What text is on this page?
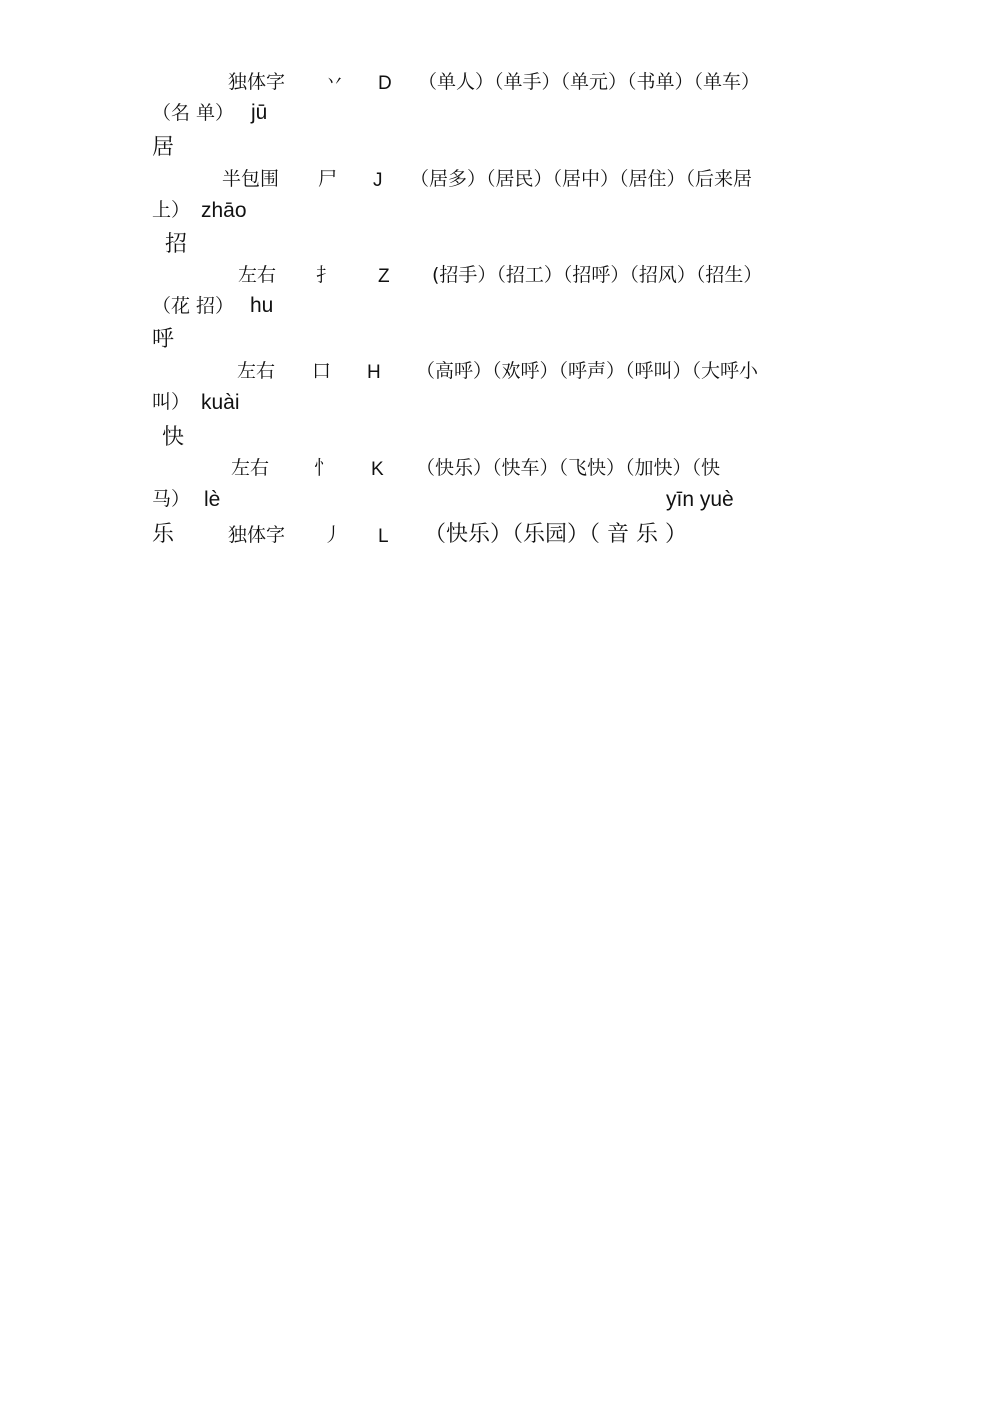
独体字 丷 D （单人）（单手）（单元）（书单）（单车）
（名 单） jū
居
半包围 尸 J （居多）（居民）（居中）（居住）（后来居
上） zhāo
招
左右 扌 Z (招手）（招工）（招呼）（招风）（招生）
（花 招） hu
呼
左右 口 H （高呼）（欢呼）（呼声）（呼叫）（大呼小
叫） kuài
快
左右 忄 K （快乐）（快车）（飞快）（加快）（快
马） lè
乐
yīn yuè
独体字 丿 L （快乐）（乐园）（ 音 乐 ）
